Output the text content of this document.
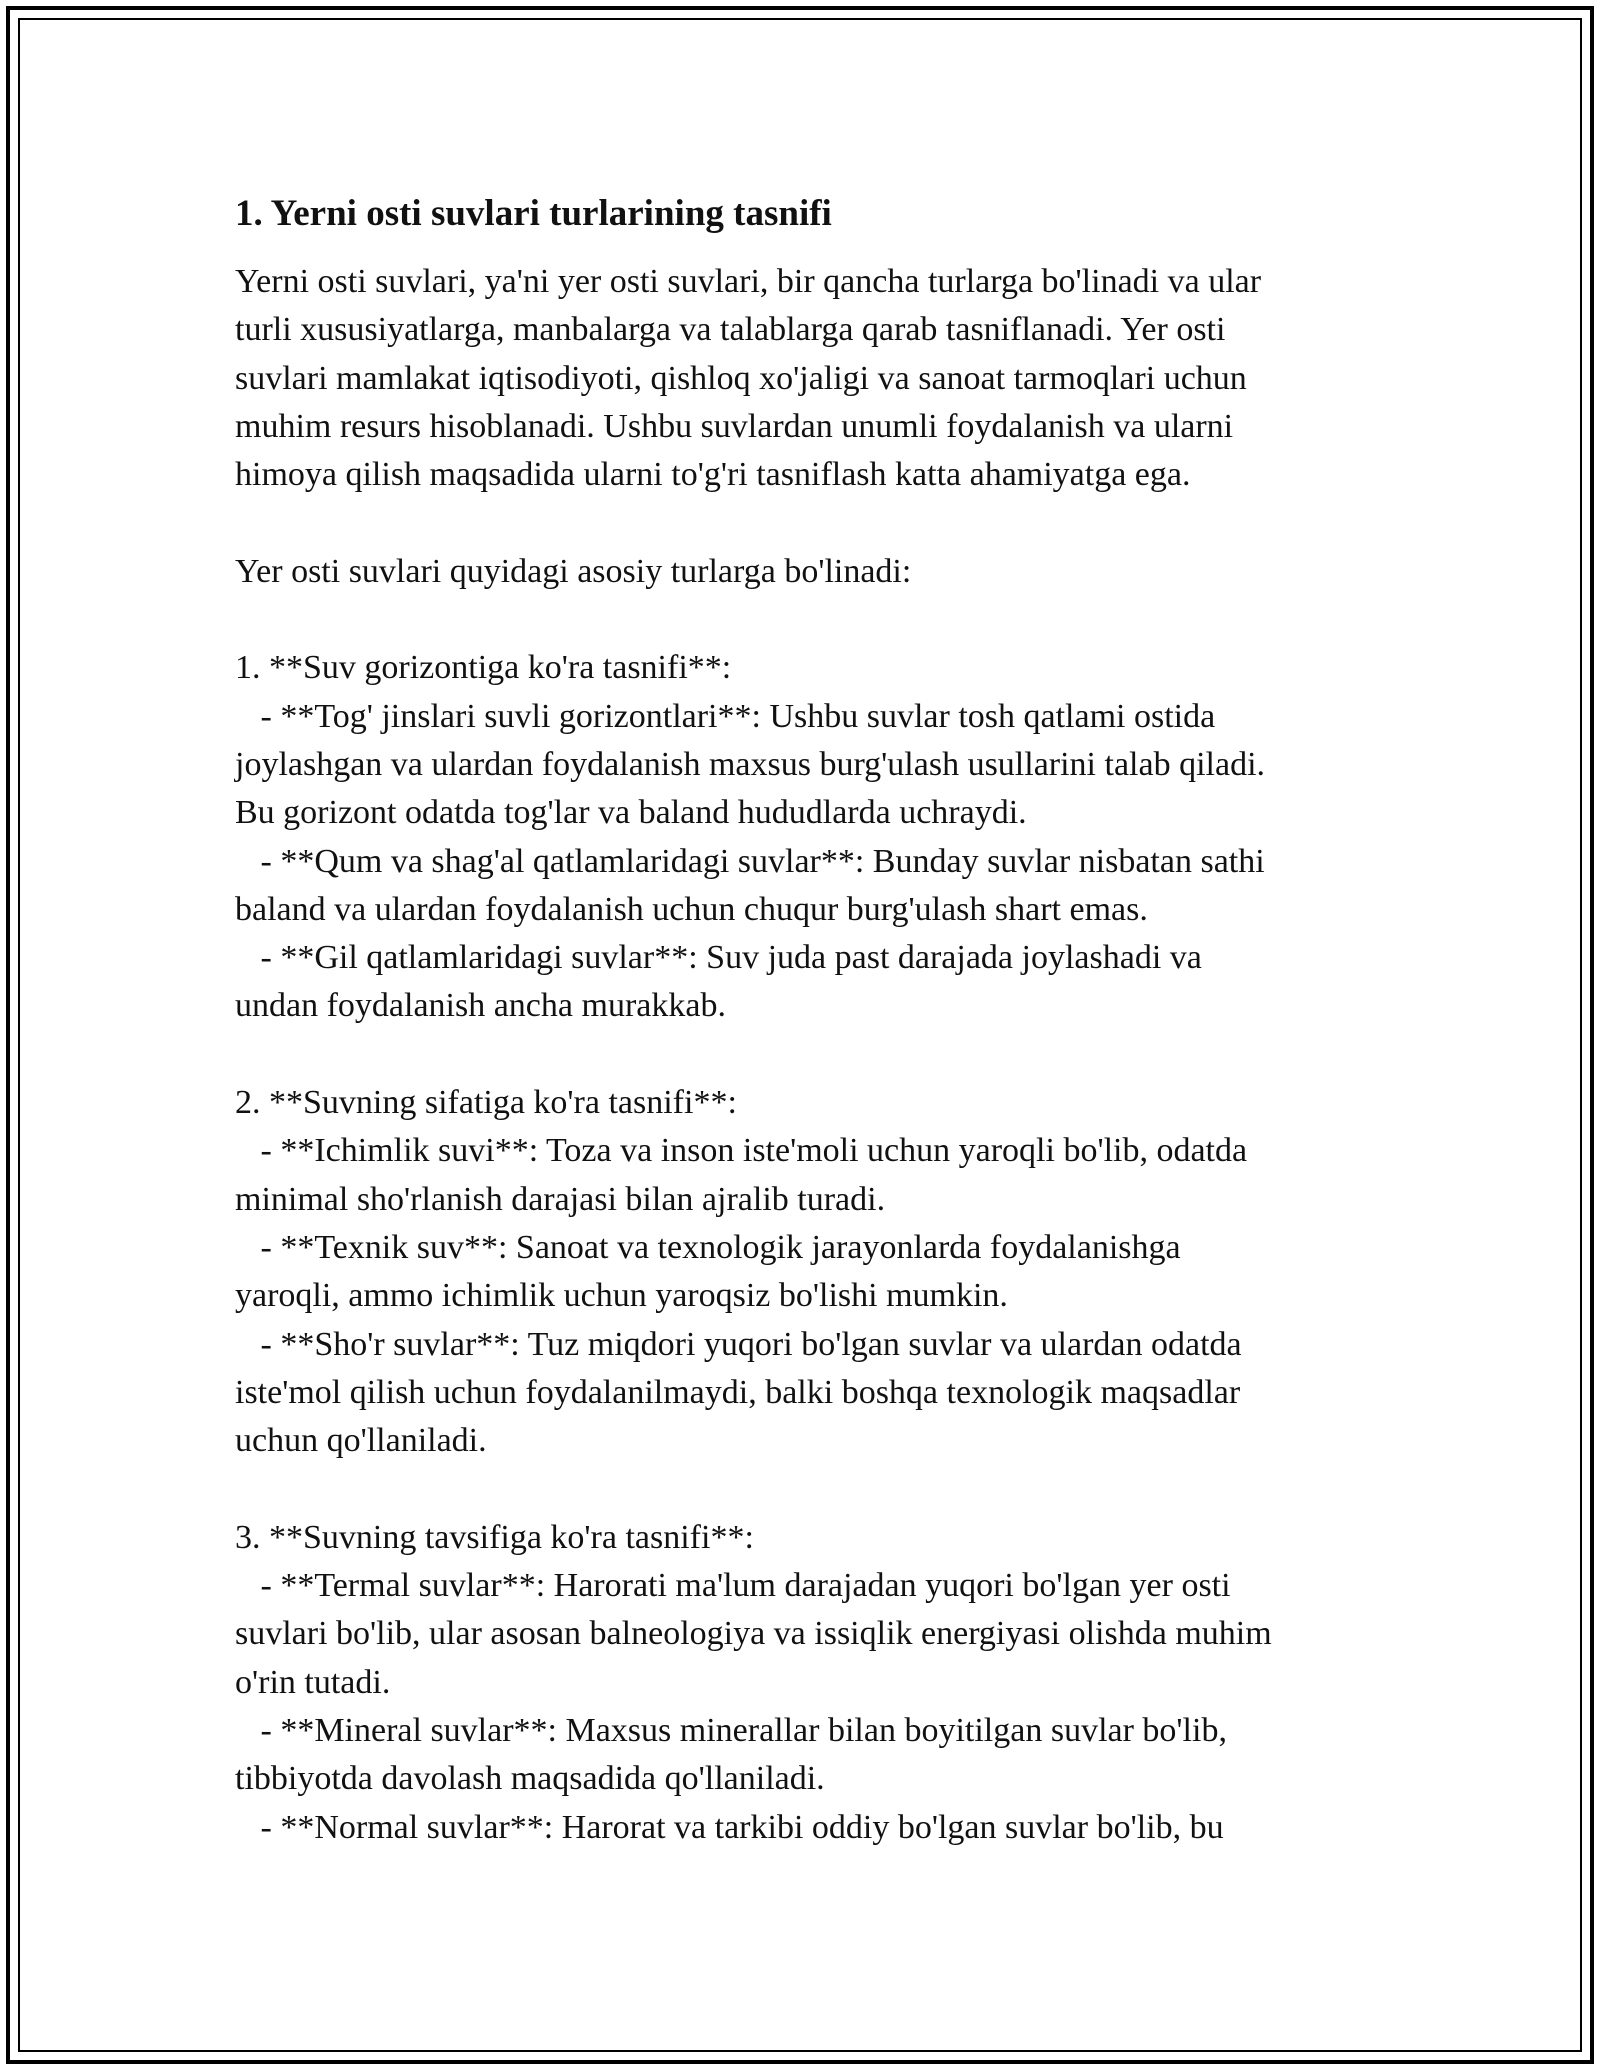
1. Yerni osti suvlari turlarining tasnifi

Yerni osti suvlari, ya'ni yer osti suvlari, bir qancha turlarga bo'linadi va ular
turli xususiyatlarga, manbalarga va talablarga qarab tasniflanadi. Yer osti
suvlari mamlakat iqtisodiyoti, qishloq xo'jaligi va sanoat tarmoqlari uchun
muhim resurs hisoblanadi. Ushbu suvlardan unumli foydalanish va ularni
himoya qilish maqsadida ularni to'g'ri tasniflash katta ahamiyatga ega.

Yer osti suvlari quyidagi asosiy turlarga bo'linadi:

1. **Suv gorizontiga ko'ra tasnifi**:
- **Tog' jinslari suvli gorizontlari**: Ushbu suvlar tosh qatlami ostida
joylashgan va ulardan foydalanish maxsus burg'ulash usullarini talab qiladi.
Bu gorizont odatda tog'lar va baland hududlarda uchraydi.
- **Qum va shag'al qatlamlaridagi suvlar**: Bunday suvlar nisbatan sathi
baland va ulardan foydalanish uchun chuqur burg'ulash shart emas.
- **Gil qatlamlaridagi suvlar**: Suv juda past darajada joylashadi va
undan foydalanish ancha murakkab.

2. **Suvning sifatiga ko'ra tasnifi**:
- **Ichimlik suvi**: Toza va inson iste'moli uchun yaroqli bo'lib, odatda
minimal sho'rlanish darajasi bilan ajralib turadi.
- **Texnik suv**: Sanoat va texnologik jarayonlarda foydalanishga
yaroqli, ammo ichimlik uchun yaroqsiz bo'lishi mumkin.
- **Sho'r suvlar**: Tuz miqdori yuqori bo'lgan suvlar va ulardan odatda
iste'mol qilish uchun foydalanilmaydi, balki boshqa texnologik maqsadlar
uchun qo'llaniladi.

3. **Suvning tavsifiga ko'ra tasnifi**:
- **Termal suvlar**: Harorati ma'lum darajadan yuqori bo'lgan yer osti
suvlari bo'lib, ular asosan balneologiya va issiqlik energiyasi olishda muhim
o'rin tutadi.
- **Mineral suvlar**: Maxsus minerallar bilan boyitilgan suvlar bo'lib,
tibbiyotda davolash maqsadida qo'llaniladi.
- **Normal suvlar**: Harorat va tarkibi oddiy bo'lgan suvlar bo'lib, bu
